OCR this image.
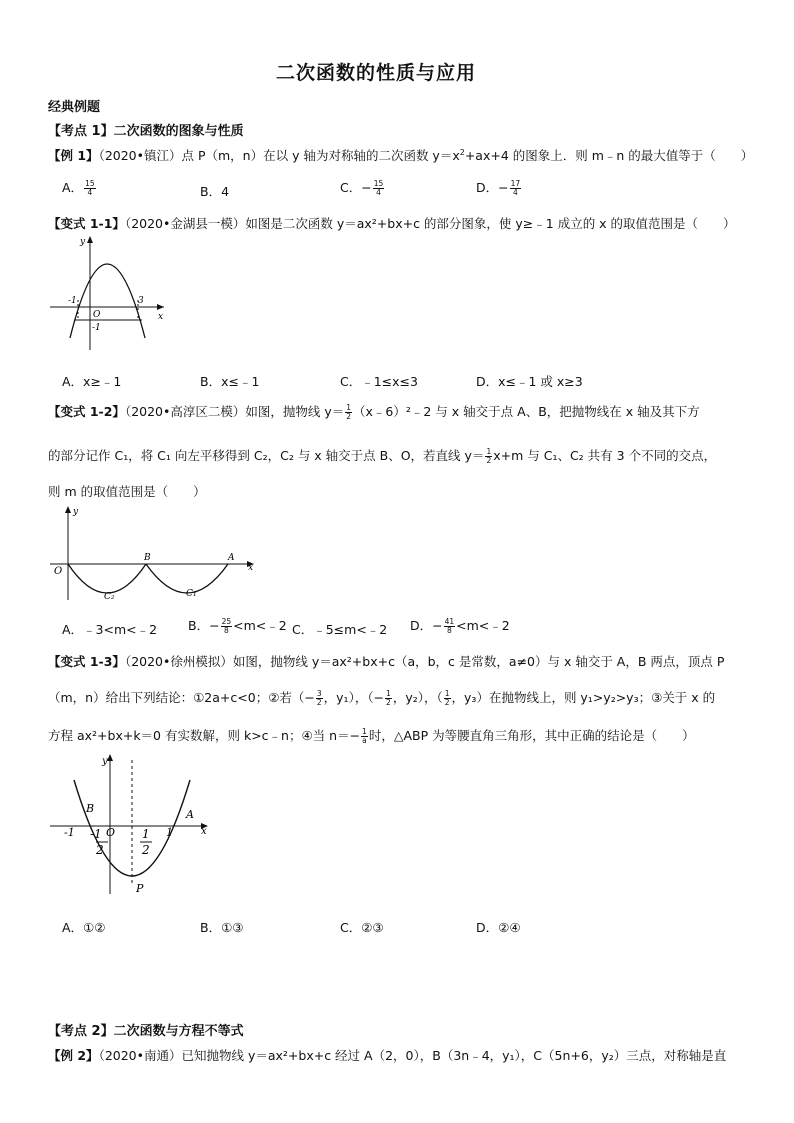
二次函数的性质与应用
经典例题
【考点 1】二次函数的图象与性质
【例 1】（2020•镇江）点 P（m，n）在以 y 轴为对称轴的二次函数 $y=x^2+ax+4$ 的图象上．则 m﹣n 的最大值等于（　　）
A． $\frac{15}{4}$	B．4	C．− $\frac{15}{4}$	D．− $\frac{17}{4}$
【变式 1-1】（2020•金湖县一模）如图是二次函数 y＝ax²+bx+c 的部分图象，使 y≥﹣1 成立的 x 的取值范围是（　　）
y
x
-1	3
O
-1
A．x≥﹣1	B．x≤﹣1	C．﹣1≤x≤3	D．x≤﹣1 或 x≥3
【变式 1-2】（2020•高淳区二模）如图，抛物线 $y= \frac{1}{2}$ （x﹣6）²﹣2 与 x 轴交于点 A、B，把抛物线在 x 轴及其下方
的部分记作 C₁，将 C₁ 向左平移得到 C₂，C₂ 与 x 轴交于点 B、O，若直线 $y= \frac{1}{2} x+m$ 与 C₁、C₂ 共有 3 个不同的交点，
则 m 的取值范围是（　　）
y
x
O
B	A
C₂	C₁
A．﹣3<m<﹣2 B．− $\frac{25}{8}$ <m<﹣2 C．﹣5≤m<﹣2 D．− $\frac{41}{8}$ <m<﹣2
【变式 1-3】（2020•徐州模拟）如图，抛物线 y＝ax²+bx+c（a，b，c 是常数，a≠0）与 x 轴交于 A，B 两点，顶点 P
（m，n）给出下列结论：①2a+c<0；②若（− $\frac{3}{2}$ ，y₁），（− $\frac{1}{2}$ ，y₂），（ $\frac{1}{2}$ ，y₃）在抛物线上，则 y₁>y₂>y₃；③关于 x 的
方程 ax²+bx+k＝0 有实数解，则 k>c﹣n；④当 $n=- \frac{1}{a}$ 时，△ABP 为等腰直角三角形，其中正确的结论是（　　）
y
x
B	A
P
O
-1	1
1
2
-1
2
A．①②	B．①③	C．②③	D．②④
【考点 2】二次函数与方程不等式
【例 2】（2020•南通）已知抛物线 y＝ax²+bx+c 经过 A（2，0），B（3n﹣4，y₁），C（5n+6，y₂）三点，对称轴是直
